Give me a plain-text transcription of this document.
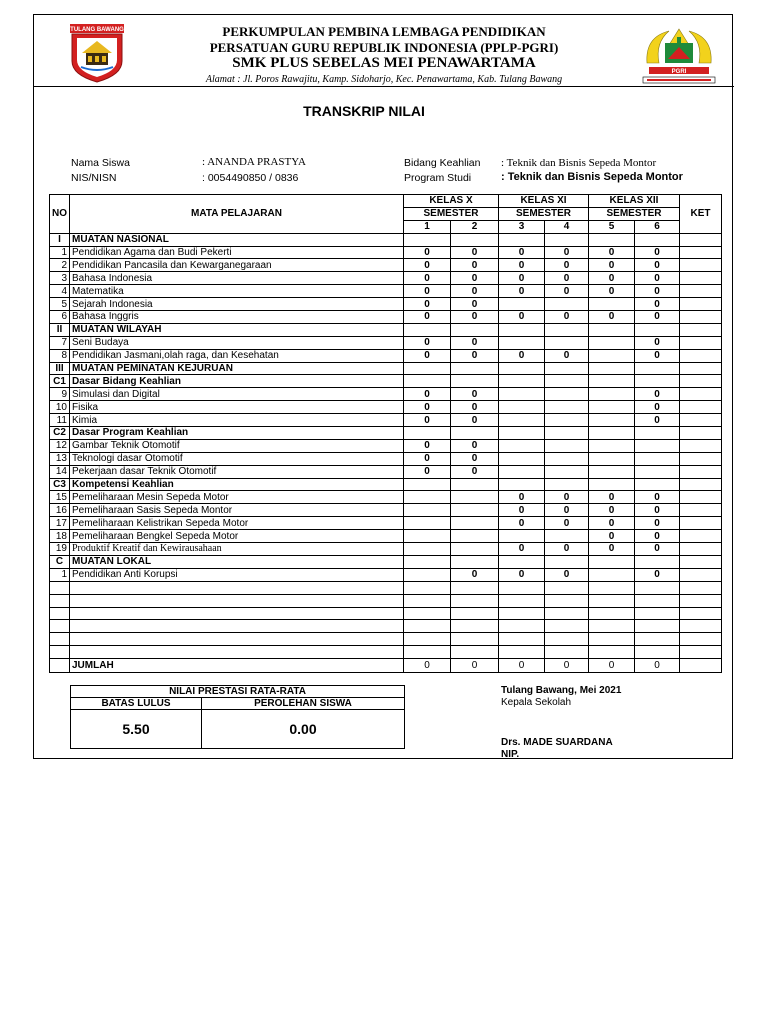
TULANG BAWANG	PERKUMPULAN PEMBINA LEMBAGA PENDIDIKAN
PERSATUAN GURU REPUBLIK INDONESIA (PPLP-PGRI)
SMK PLUS SEBELAS MEI PENAWARTAMA
Alamat : Jl. Poros Rawajitu, Kamp. Sidoharjo, Kec. Penawartama, Kab. Tulang Bawang
PGRI
TRANSKRIP NILAI
Nama Siswa	: ANANDA PRASTYA
NIS/NISN	: 0054490850 / 0836
Bidang Keahlian : Teknik dan Bisnis Sepeda Montor
Program Studi	: Teknik dan Bisnis Sepeda Montor
NO	MATA PELAJARAN	KELAS X		KELAS XI		KELAS XII		KET
		SEMESTER		SEMESTER		SEMESTER		
		1	2	3	4	5	6	
I	MUATAN NASIONAL							
1	Pendidikan Agama dan Budi Pekerti	0	0	0	0	0	0	
2	Pendidikan Pancasila dan Kewarganegaraan	0	0	0	0	0	0	
3	Bahasa Indonesia	0	0	0	0	0	0	
4	Matematika	0	0	0	0	0	0	
5	Sejarah Indonesia	0	0				0	
6	Bahasa Inggris	0	0	0	0	0	0	
II	MUATAN WILAYAH							
7	Seni Budaya	0	0				0	
8	Pendidikan Jasmani,olah raga, dan Kesehatan	0	0	0	0		0	
III	MUATAN PEMINATAN KEJURUAN							
C1	Dasar Bidang Keahlian							
9	Simulasi dan Digital	0	0				0	
10	Fisika	0	0				0	
11	Kimia	0	0				0	
C2	Dasar Program Keahlian							
12	Gambar Teknik Otomotif	0	0					
13	Teknologi dasar Otomotif	0	0					
14	Pekerjaan dasar Teknik Otomotif	0	0					
C3	Kompetensi Keahlian							
15	Pemeliharaan Mesin Sepeda Motor			0	0	0	0	
16	Pemeliharaan Sasis Sepeda Montor			0	0	0	0	
17	Pemeliharaan Kelistrikan Sepeda Motor			0	0	0	0	
18	Pemeliharaan Bengkel Sepeda Motor					0	0	
19	Produktif Kreatif dan Kewirausahaan			0	0	0	0	
C	MUATAN LOKAL							
1	Pendidikan Anti Korupsi		0	0	0		0	

	JUMLAH	0	0	0	0	0	0	
NILAI PRESTASI RATA-RATA	
BATAS LULUS	PEROLEHAN SISWA
5.50	0.00
Tulang Bawang, Mei 2021
Kepala Sekolah
Drs. MADE SUARDANA
NIP.
